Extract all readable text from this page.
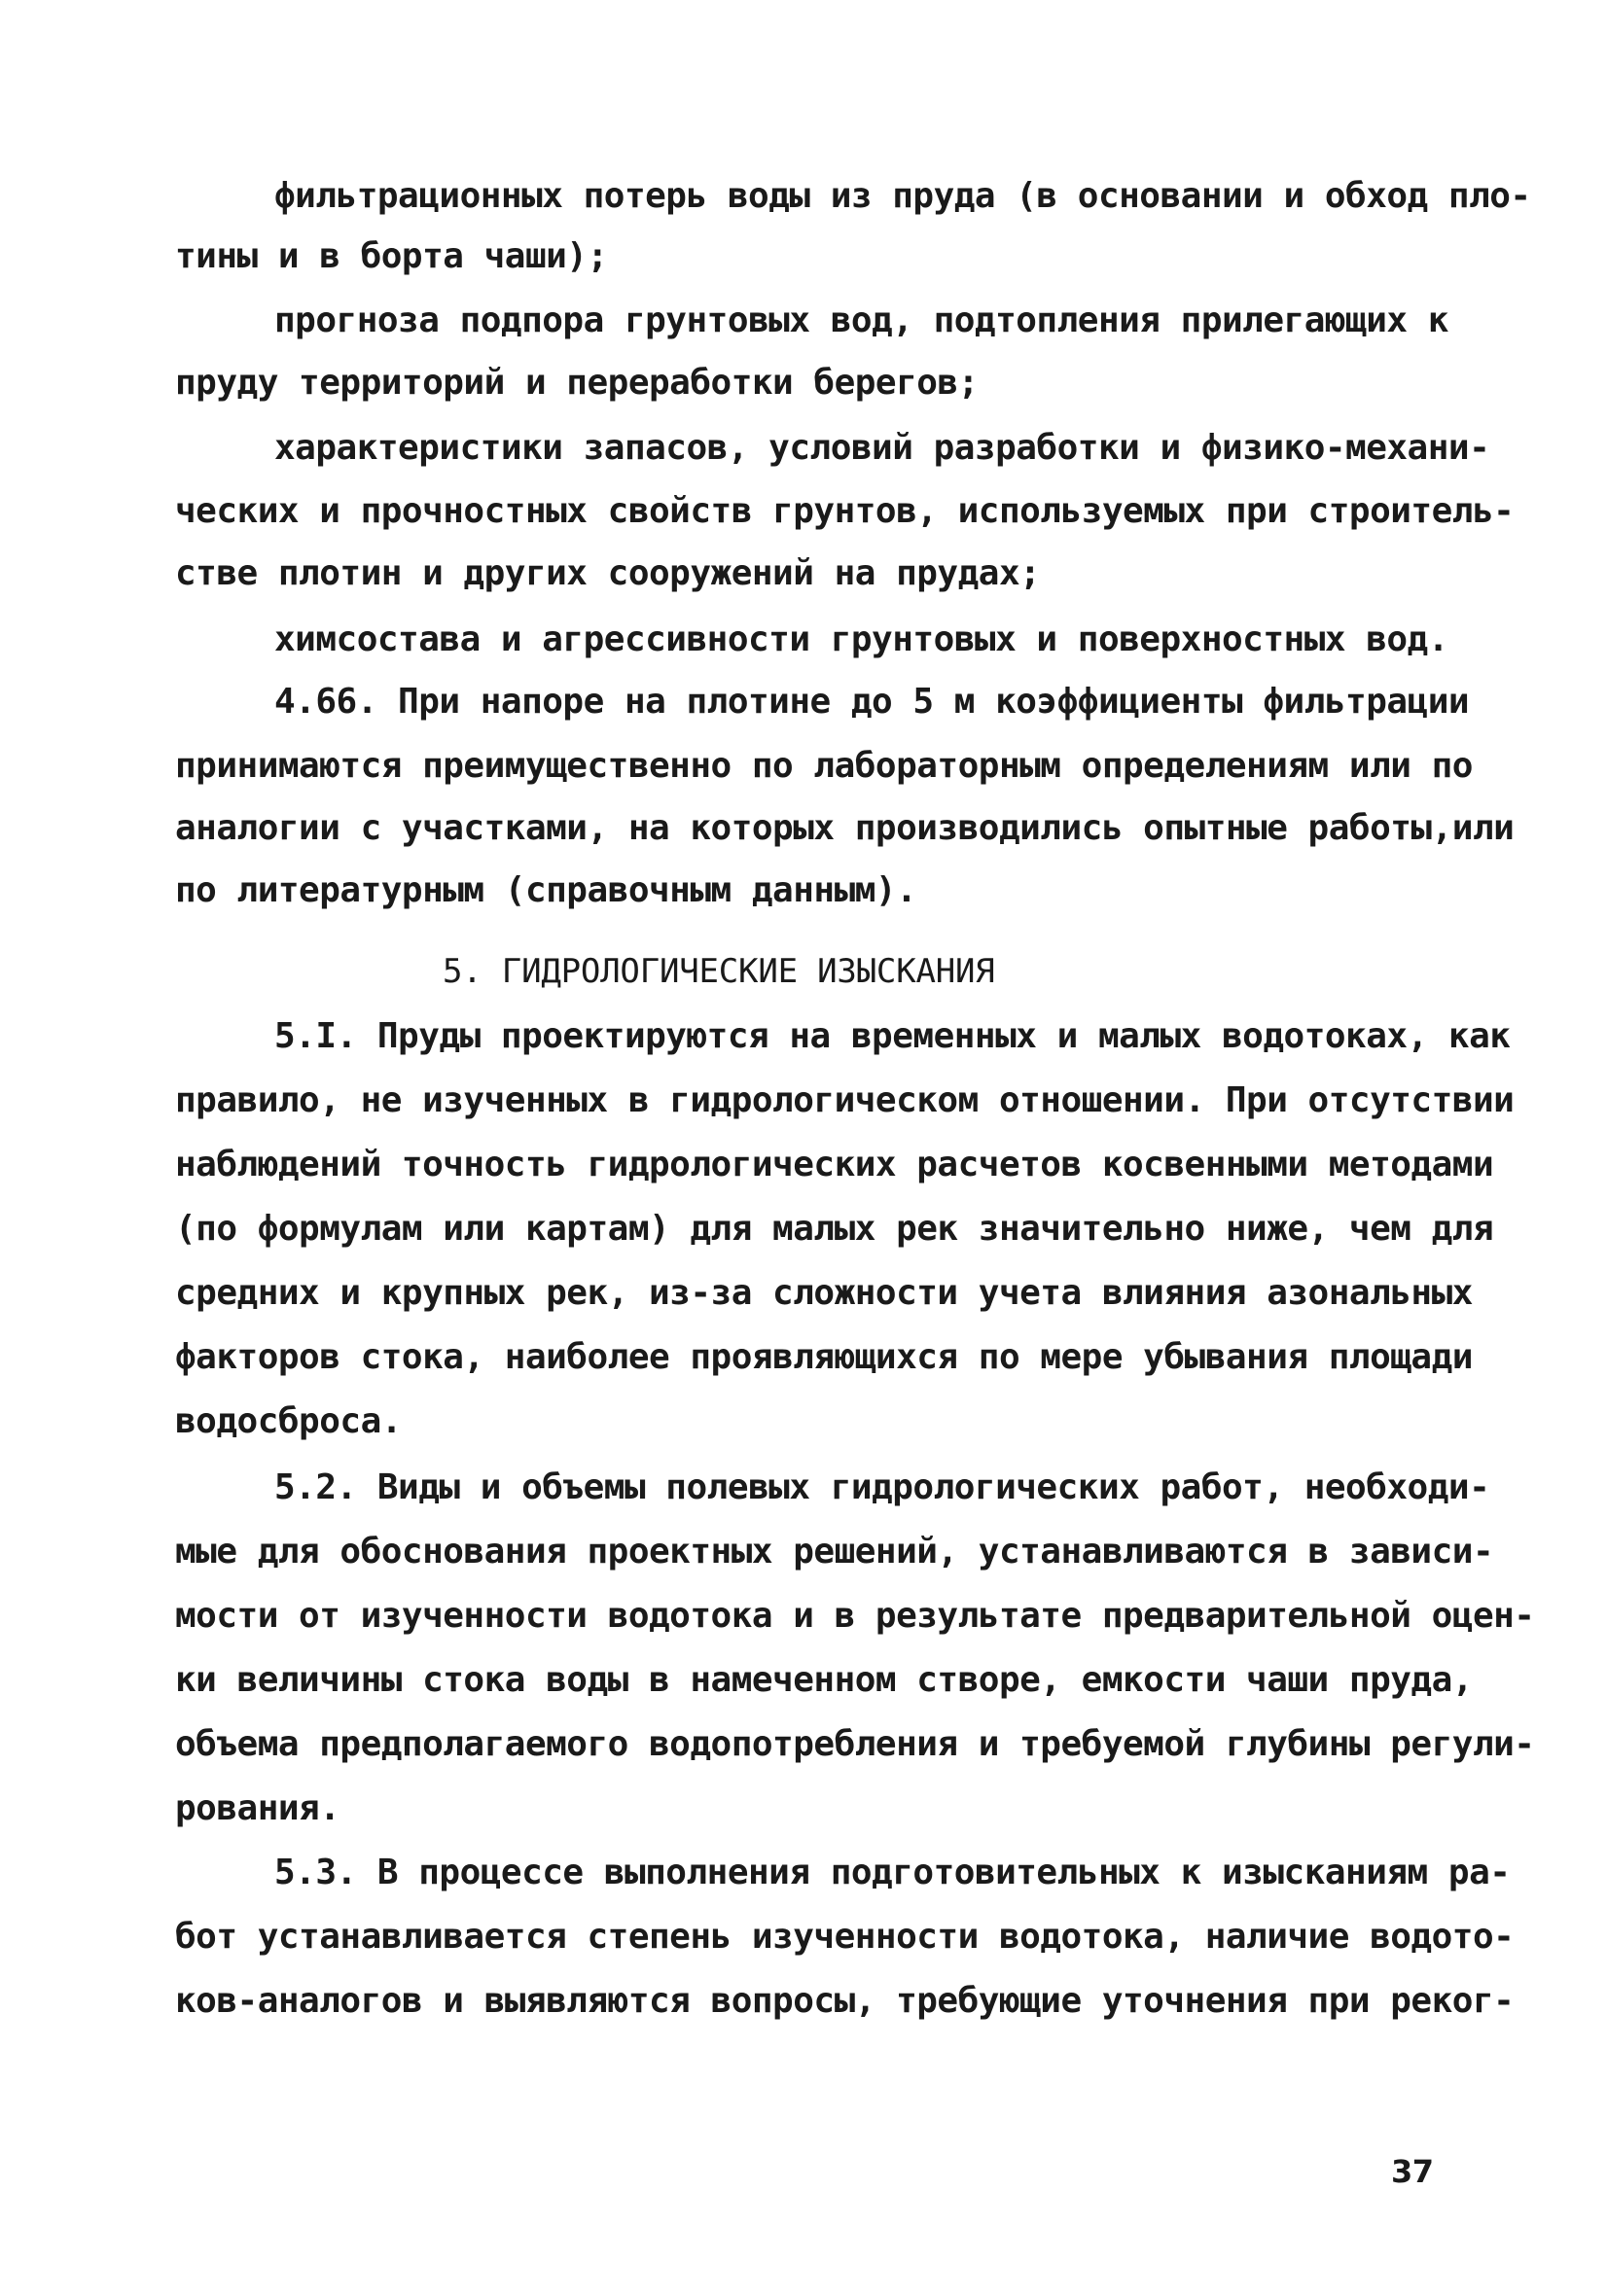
фильтрационных потерь воды из пруда (в основании и обход пло-
тины и в борта чаши);
прогноза подпора грунтовых вод, подтопления прилегающих к
пруду территорий и переработки берегов;
характеристики запасов, условий разработки и физико-механи-
ческих и прочностных свойств грунтов, используемых при строитель-
стве плотин и других сооружений на прудах;
химсостава и агрессивности грунтовых и поверхностных вод.
4.66. При напоре на плотине до 5 м коэффициенты фильтрации
принимаются преимущественно по лабораторным определениям или по
аналогии с участками, на которых производились опытные работы,или
по литературным (справочным данным).
5. ГИДРОЛОГИЧЕСКИЕ ИЗЫСКАНИЯ
5.I. Пруды проектируются на временных и малых водотоках, как
правило, не изученных в гидрологическом отношении. При отсутствии
наблюдений точность гидрологических расчетов косвенными методами
(по формулам или картам) для малых рек значительно ниже, чем для
средних и крупных рек, из-за сложности учета влияния азональных
факторов стока, наиболее проявляющихся по мере убывания площади
водосброса.
5.2. Виды и объемы полевых гидрологических работ, необходи-
мые для обоснования проектных решений, устанавливаются в зависи-
мости от изученности водотока и в результате предварительной оцен-
ки величины стока воды в намеченном створе, емкости чаши пруда,
объема предполагаемого водопотребления и требуемой глубины регули-
рования.
5.3. В процессе выполнения подготовительных к изысканиям ра-
бот устанавливается степень изученности водотока, наличие водото-
ков-аналогов и выявляются вопросы, требующие уточнения при реког-
37
